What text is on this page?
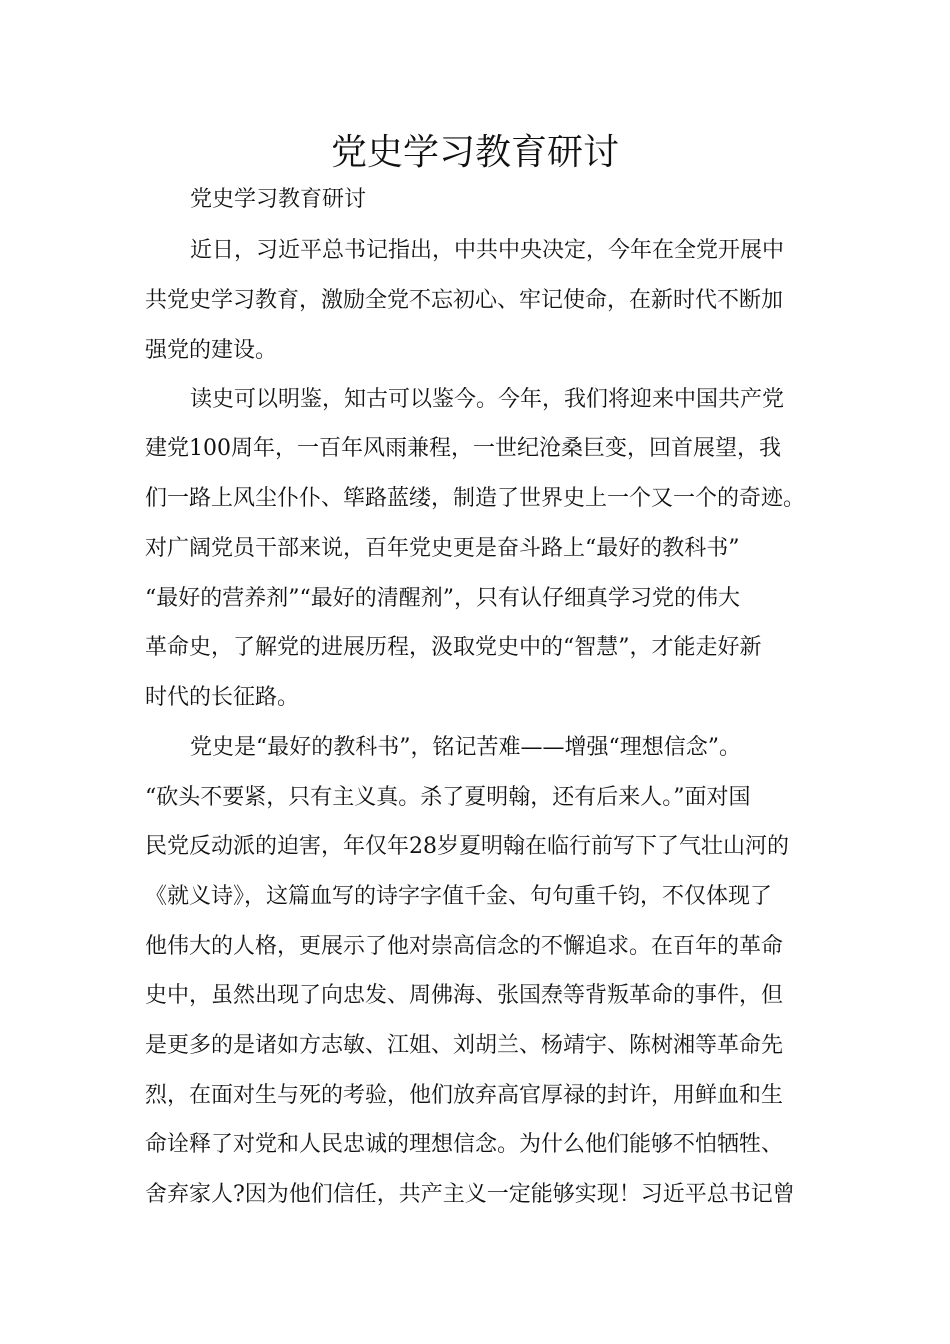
党史学习教育研讨
党史学习教育研讨
近日，习近平总书记指出，中共中央决定，今年在全党开展中
共党史学习教育，激励全党不忘初心、牢记使命，在新时代不断加
强党的建设。
读史可以明鉴，知古可以鉴今。今年，我们将迎来中国共产党
建党100周年，一百年风雨兼程，一世纪沧桑巨变，回首展望，我
们一路上风尘仆仆、筚路蓝缕，制造了世界史上一个又一个的奇迹。
对广阔党员干部来说，百年党史更是奋斗路上“最好的教科书”
“最好的营养剂”“最好的清醒剂”，只有认仔细真学习党的伟大
革命史，了解党的进展历程，汲取党史中的“智慧”，才能走好新
时代的长征路。
党史是“最好的教科书”，铭记苦难——增强“理想信念”。
“砍头不要紧，只有主义真。杀了夏明翰，还有后来人。”面对国
民党反动派的迫害，年仅年28岁夏明翰在临行前写下了气壮山河的
《就义诗》，这篇血写的诗字字值千金、句句重千钧，不仅体现了
他伟大的人格，更展示了他对崇高信念的不懈追求。在百年的革命
史中，虽然出现了向忠发、周佛海、张国焘等背叛革命的事件，但
是更多的是诸如方志敏、江姐、刘胡兰、杨靖宇、陈树湘等革命先
烈，在面对生与死的考验，他们放弃高官厚禄的封许，用鲜血和生
命诠释了对党和人民忠诚的理想信念。为什么他们能够不怕牺牲、
舍弃家人?因为他们信任，共产主义一定能够实现！习近平总书记曾
